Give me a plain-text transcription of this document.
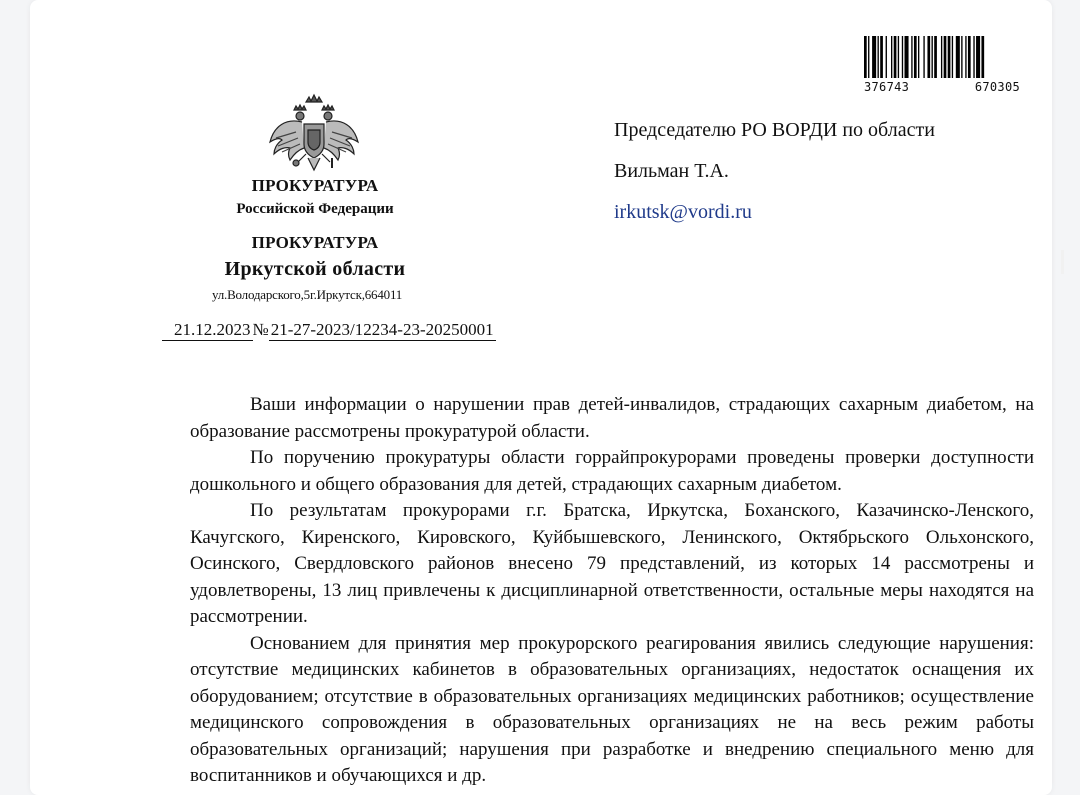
376743	670305
ПРОКУРАТУРА
Российской Федерации
ПРОКУРАТУРА
Иркутской области
ул.Володарского,5г.Иркутск,664011
21.12.2023 № 21-27-2023/12234-23-20250001
Председателю РО ВОРДИ по области
Вильман Т.А.
irkutsk@vordi.ru

Ваши информации о нарушении прав детей-инвалидов, страдающих сахарным диабетом, на образование рассмотрены прокуратурой области.

По поручению прокуратуры области горрайпрокурорами проведены проверки доступности дошкольного и общего образования для детей, страдающих сахарным диабетом.

По результатам прокурорами г.г. Братска, Иркутска, Боханского, Казачинско-Ленского, Качугского, Киренского, Кировского, Куйбышевского, Ленинского, Октябрьского Ольхонского, Осинского, Свердловского районов внесено 79 представлений, из которых 14 рассмотрены и удовлетворены, 13 лиц привлечены к дисциплинарной ответственности, остальные меры находятся на рассмотрении.

Основанием для принятия мер прокурорского реагирования явились следующие нарушения: отсутствие медицинских кабинетов в образовательных организациях, недостаток оснащения их оборудованием; отсутствие в образовательных организациях медицинских работников; осуществление медицинского сопровождения в образовательных организациях не на весь режим работы образовательных организаций; нарушения при разработке и внедрению специального меню для воспитанников и обучающихся и др.
